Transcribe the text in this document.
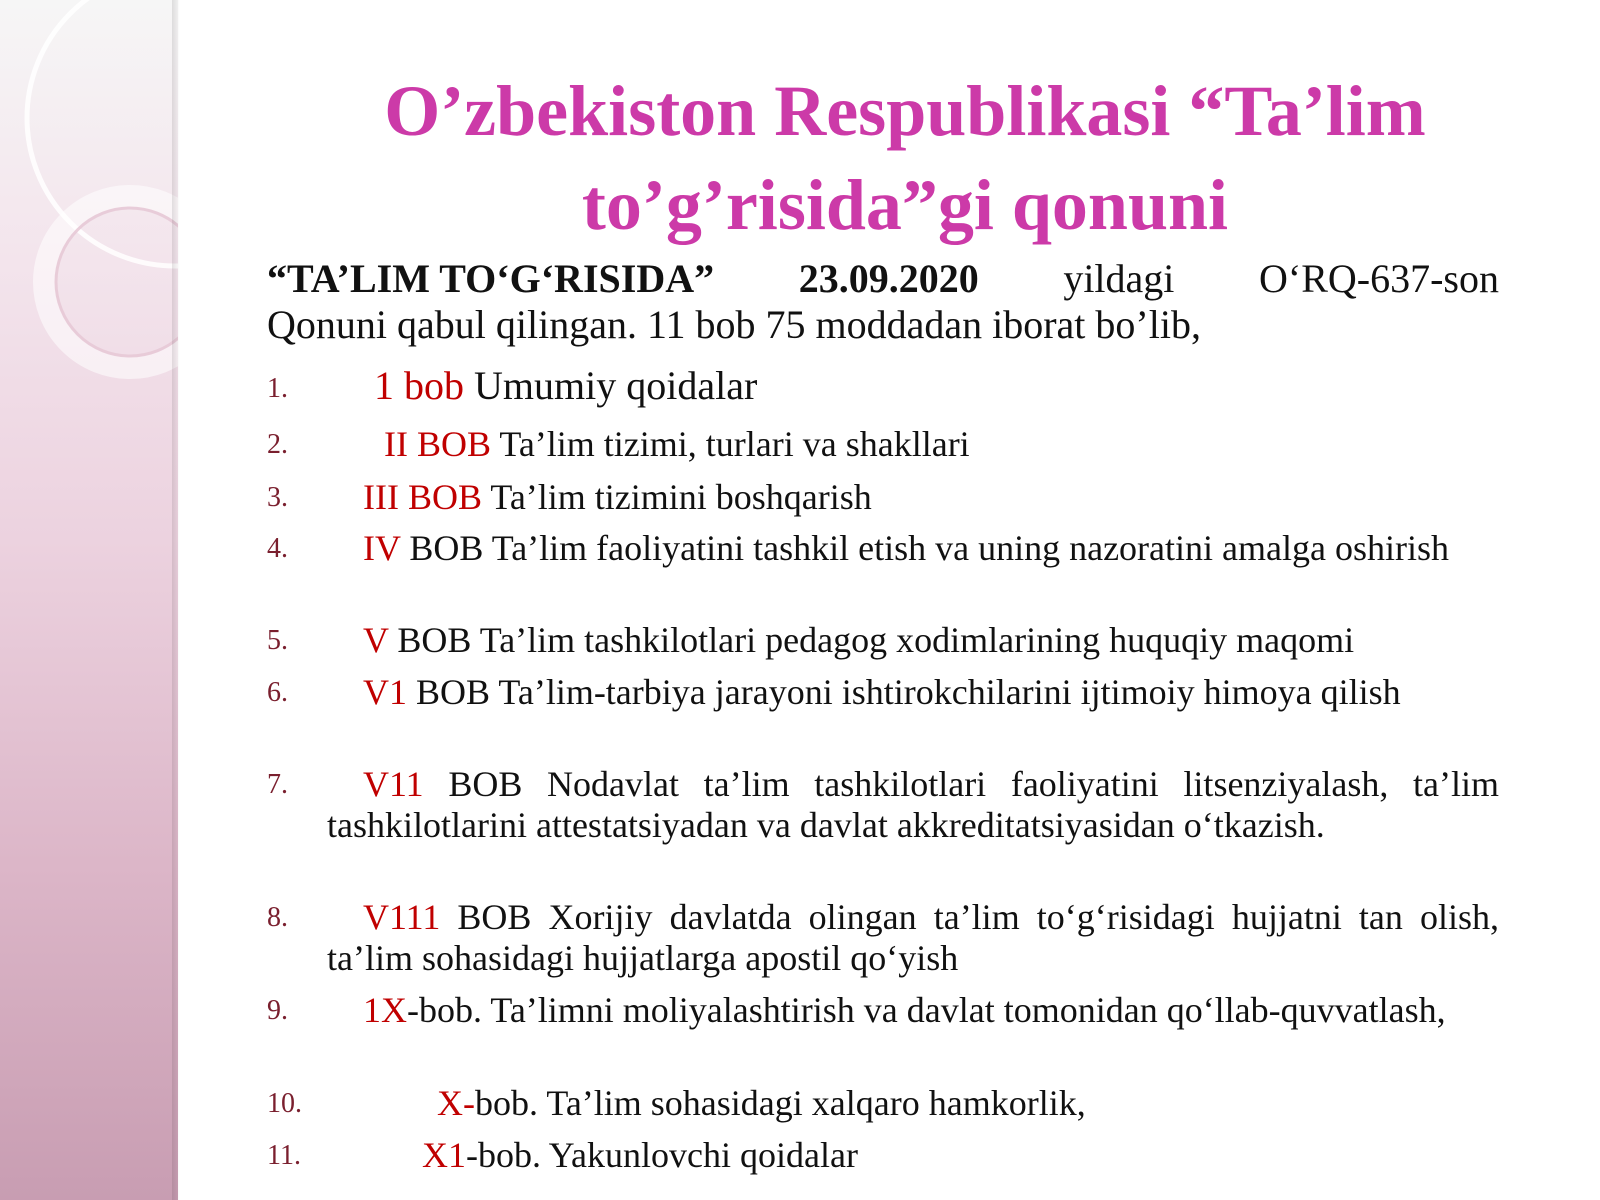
O’zbekiston Respublikasi “Ta’lim
to’g’risida”gi qonuni
“TA’LIM TO‘G‘RISIDA” 23.09.2020 yildagi O‘RQ-637-son
Qonuni qabul qilingan. 11 bob 75 moddadan iborat bo’lib,
1. 1 bob Umumiy qoidalar
2.	II BOB Ta’lim tizimi, turlari va shakllari
3. III BOB Ta’lim tizimini boshqarish
4.	IV BOB Ta’lim faoliyatini tashkil etish va uning nazoratini amalga oshirish
5. V BOB Ta’lim tashkilotlari pedagog xodimlarining huquqiy maqomi
6.	V1 BOB Ta’lim-tarbiya jarayoni ishtirokchilarini ijtimoiy himoya qilish
7.	V11 BOB Nodavlat ta’lim tashkilotlari faoliyatini litsenziyalash, ta’lim tashkilotlarini attestatsiyadan va davlat akkreditatsiyasidan o‘tkazish.
8.	V111 BOB Xorijiy davlatda olingan ta’lim to‘g‘risidagi hujjatni tan olish, ta’lim sohasidagi hujjatlarga apostil qo‘yish
9.	1X-bob. Ta’limni moliyalashtirish va davlat tomonidan qo‘llab-quvvatlash,
10.	X-bob. Ta’lim sohasidagi xalqaro hamkorlik,
11.	X1-bob. Yakunlovchi qoidalar
